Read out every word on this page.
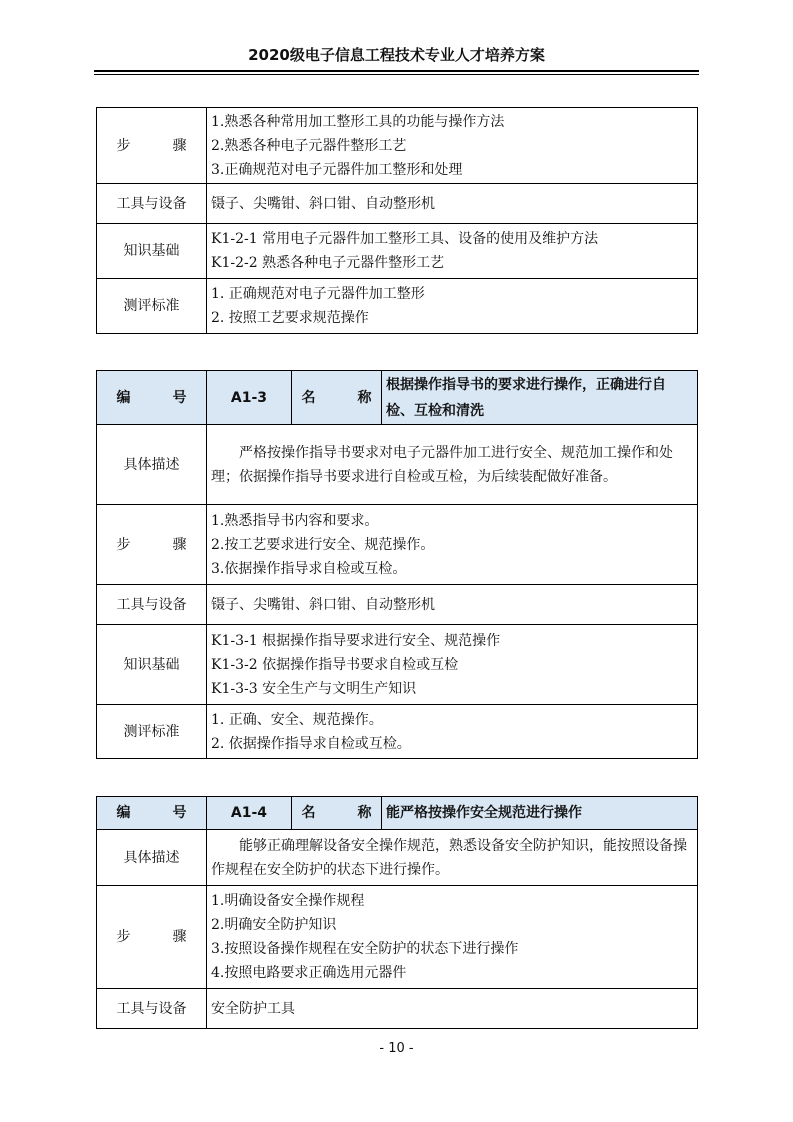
2020级电子信息工程技术专业人才培养方案
步骤	1.熟悉各种常用加工整形工具的功能与操作方法
2.熟悉各种电子元器件整形工艺
3.正确规范对电子元器件加工整形和处理

工具与设备	镊子、尖嘴钳、斜口钳、自动整形机
知识基础	K1-2-1 常用电子元器件加工整形工具、设备的使用及维护方法
K1-2-2 熟悉各种电子元器件整形工艺

测评标准	1. 正确规范对电子元器件加工整形
2. 按照工艺要求规范操作
编号	A1-3	名称	根据操作指导书的要求进行操作，正确进行自检、互检和清洗
具体描述	严格按操作指导书要求对电子元器件加工进行安全、规范加工操作和处理；依据操作指导书要求进行自检或互检，为后续装配做好准备。		

步骤	1.熟悉指导书内容和要求。
2.按工艺要求进行安全、规范操作。
3.依据操作指导求自检或互检。		

工具与设备	镊子、尖嘴钳、斜口钳、自动整形机		
知识基础	K1-3-1 根据操作指导要求进行安全、规范操作
K1-3-2 依据操作指导书要求自检或互检
K1-3-3 安全生产与文明生产知识		

测评标准	1. 正确、安全、规范操作。
2. 依据操作指导求自检或互检。		
编号	A1-4	名称	能严格按操作安全规范进行操作
具体描述	能够正确理解设备安全操作规范，熟悉设备安全防护知识，能按照设备操作规程在安全防护的状态下进行操作。		

步骤	1.明确设备安全操作规程
2.明确安全防护知识
3.按照设备操作规程在安全防护的状态下进行操作
4.按照电路要求正确选用元器件		

工具与设备	安全防护工具		
- 10 -
